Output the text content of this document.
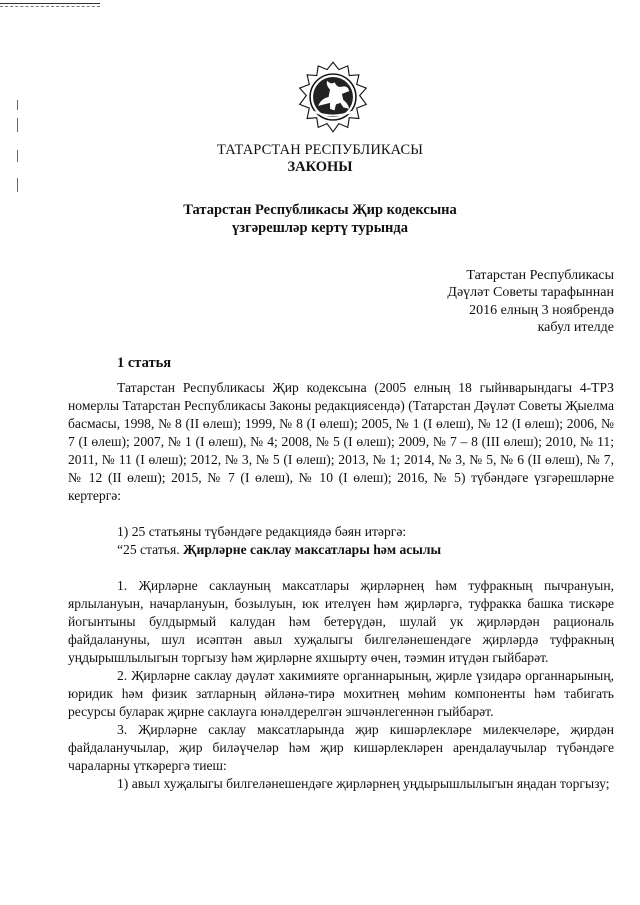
ТАТАРСТАН РЕСПУБЛИКАСЫ
ЗАКОНЫ
Татарстан Республикасы Җир кодексына
үзгәрешләр кертү турында
Татарстан Республикасы
Дәүләт Советы тарафыннан
2016 елның 3 ноябрендә
кабул ителде
1 статья

Татарстан Республикасы Җир кодексына (2005 елның 18 гыйнварындагы 4-ТРЗ номерлы Татарстан Республикасы Законы редакциясендә) (Татарстан Дәүләт Советы Җыелма басмасы, 1998, № 8 (II өлеш); 1999, № 8 (I өлеш); 2005, № 1 (I өлеш), № 12 (I өлеш); 2006, № 7 (I өлеш); 2007, № 1 (I өлеш), № 4; 2008, № 5 (I өлеш); 2009, № 7 – 8 (III өлеш); 2010, № 11; 2011, № 11 (I өлеш); 2012, № 3, № 5 (I өлеш); 2013, № 1; 2014, № 3, № 5, № 6 (II өлеш), № 7, № 12 (II өлеш); 2015, № 7 (I өлеш), № 10 (I өлеш); 2016, № 5) түбәндәге үзгәрешләрне кертергә:

1) 25 статьяны түбәндәге редакциядә бәян итәргә:

“25 статья. Җирләрне саклау максатлары һәм асылы

1. Җирләрне саклауның максатлары җирләрнең һәм туфракның пычрануын, ярлылануын, начарлануын, бозылуын, юк ителүен һәм җирләргә, туфракка башка тискәре йогынтыны булдырмый калудан һәм бетерүдән, шулай ук җирләрдән рациональ файдалануны, шул исәптән авыл хуҗалыгы билгеләнешендәге җирләрдә туфракның уңдырышлылыгын торгызу һәм җирләрне яхшырту өчен, тәэмин итүдән гыйбарәт.

2. Җирләрне саклау дәүләт хакимияте органнарының, җирле үзидарә органнарының, юридик һәм физик затларның әйләнә-тирә мохитнең мөһим компоненты һәм табигать ресурсы буларак җирне саклауга юнәлдерелгән эшчәнлегеннән гыйбарәт.

3. Җирләрне саклау максатларында җир кишәрлекләре милекчеләре, җирдән файдаланучылар, җир биләүчеләр һәм җир кишәрлекләрен арендалаучылар түбәндәге чараларны үткәрергә тиеш:

1) авыл хуҗалыгы билгеләнешендәге җирләрнең уңдырышлылыгын яңадан торгызу;
